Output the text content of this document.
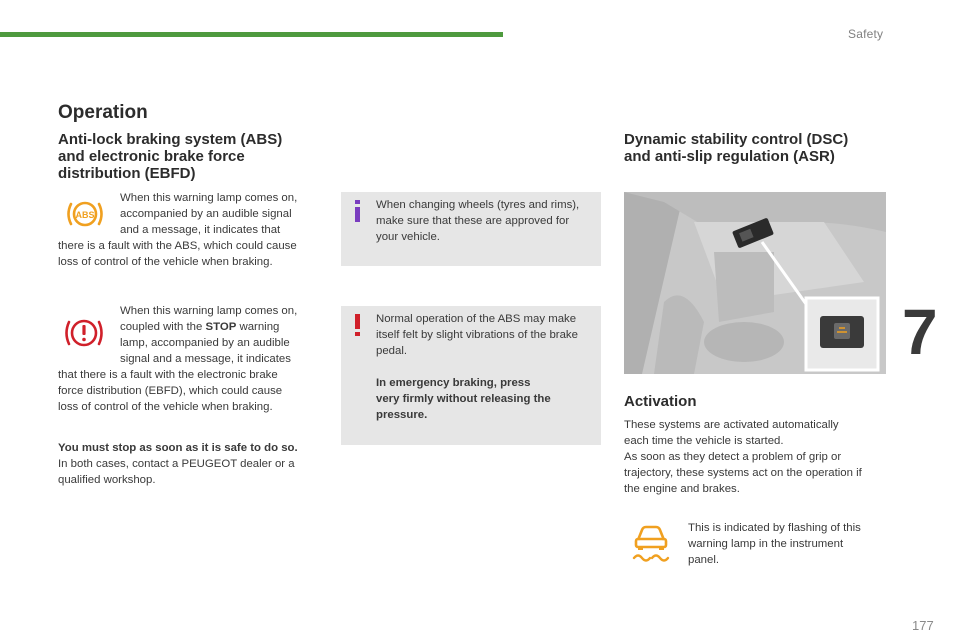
Safety
7
177
Operation
Anti-lock braking system (ABS)
and electronic brake force
distribution (EBFD)
ABS
When this warning lamp comes on,
accompanied by an audible signal
and a message, it indicates that
there is a fault with the ABS, which could cause
loss of control of the vehicle when braking.
When this warning lamp comes on,
coupled with the STOP warning
lamp, accompanied by an audible
signal and a message, it indicates
that there is a fault with the electronic brake
force distribution (EBFD), which could cause
loss of control of the vehicle when braking.
You must stop as soon as it is safe to do so.
In both cases, contact a PEUGEOT dealer or a
qualified workshop.
When changing wheels (tyres and rims),
make sure that these are approved for
your vehicle.
Normal operation of the ABS may make
itself felt by slight vibrations of the brake
pedal.
In emergency braking, press
very firmly without releasing the
pressure.
Dynamic stability control (DSC)
and anti-slip regulation (ASR)
Activation
These systems are activated automatically
each time the vehicle is started.
As soon as they detect a problem of grip or
trajectory, these systems act on the operation if
the engine and brakes.
This is indicated by flashing of this
warning lamp in the instrument
panel.
